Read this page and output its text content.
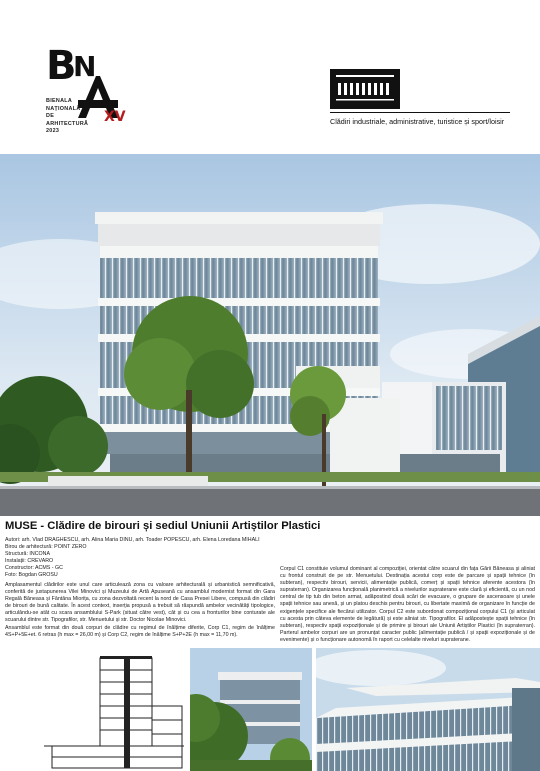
B
N
BIENALA
NAȚIONALĂ
DE
ARHITECTURĂ
2023
XV	Clădiri industriale, administrative, turistice și sport/loisir
MUSE - Clădire de birouri și sediul Uniunii Artiștilor Plastici
Autori: arh. Vlad DRAGHESCU, arh. Alina Maria DINU, arh. Toader POPESCU, arh. Elena Loredana MIHALI
Birou de arhitectură: POINT ZERO
Structură: INCONA
Instalații: CREVARO
Constructor: ACMS - GC
Foto: Bogdan GROSU

Amplasamentul clădirilor este unul care articulează zona cu valoare arhitecturală și urbanistică semnificativă, conferită de juxtapunerea Vilei Minovici și Muzeului de Artă Apuseană cu ansamblul modernist format din Gara Regală Băneasa și Fântâna Miorița, cu zona dezvoltată recent la nord de Casa Presei Libere, compusă din clădiri de birouri de bună calitate. În acest context, inserția propusă a trebuit să răspundă ambelor vecinătăți tipologice, articulându-se atât cu scara ansamblului S-Park (situat către vest), cât și cu cea a fronturilor bine conturate ale scuarului dintre str. Tipografilor, str. Menuetului și str. Doctor Nicolae Minovici.

Ansamblul este format din două corpuri de clădire cu regimul de înălțime diferite, Corp C1, regim de înălțime 4S+P+5E+et. 6 retras (h max = 26,00 m) și Corp C2, regim de înălțime S+P+2E (h max = 11,70 m).

Corpul C1 constituie volumul dominant al compoziției, orientat către scuarul din fața Gării Băneasa și aliniat cu frontul construit de pe str. Menuetului. Destinația acestui corp este de parcare și spații tehnice (în subteran), respectiv birouri, servicii, alimentație publică, comerț și spații tehnice aferente acestora (în supraterran). Organizarea funcțională planimetrică a nivelurilor supraterane este clară și eficientă, cu un nod central de tip tub din beton armat, adăpostind două scări de evacuare, o grupare de ascensoare și unele spații tehnice sau anexă, și un platou deschis pentru birouri, cu libertate maximă de organizare în funcție de exigențele specifice ale fiecărui utilizator. Corpul C2 este subordonat compozițional corpului C1 (și articulat cu acesta prin câteva elemente de legătură) și este aliniat str. Tipografilor. El adăpostește spații tehnice (în subteran), respectiv spații expoziționale și de primire și birouri ale Uniunii Artiștilor Plastici (în supraterran). Parterul ambelor corpuri are un pronunțat caracter public (alimentație publică / și spații expoziționale și de evenimente) și o funcționare autonomă în raport cu celelalte niveluri supraterane.
